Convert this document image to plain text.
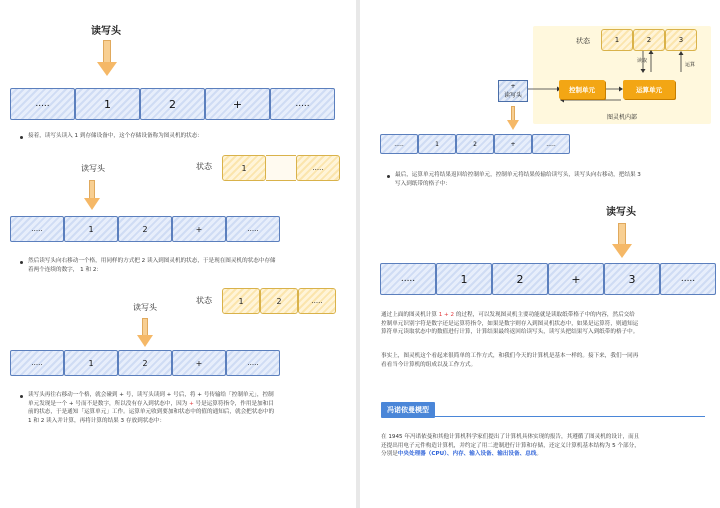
读写头
.....	1	2	+	.....
接着，读写头读入 1 到存储设备中，这个存储设备称为图灵机的状态：
读写头	状态	1	.....
.....	1	2	+	.....
然后读写头向右移动一个格，用同样的方式把 2 读入到图灵机的状态，于是现在图灵机的状态中存储
着两个连续的数字， 1 和 2：
状态	1	2	.....
读写头
.....	1	2	+	.....
读写头再往右移动一个格，就会碰到 + 号，读写头读到 + 号后，将 + 号传输给「控制单元」，控制
单元发现是一个 + 号而不是数字，所以没有存入到状态中，因为 + 号是运算符指令，作用是加和目
前的状态，于是通知「运算单元」工作。运算单元收到要加和状态中的值的通知后，就会把状态中的
1 和 2 读入并计算，再将计算的结果 3 存放到状态中：
状态	1	2	3
读取
运算
控制单元	运算单元
+
读写头
图灵机内部
.....	1	2	+	.....
最后，运算单元将结果返回给控制单元，控制单元将结果传输给读写头，读写头向右移动，把结果 3
写入到纸带的格子中：
读写头
.....	1	2	+	3	.....
通过上面的图灵机计算 1 + 2 的过程，可以发现图灵机主要功能就是读取纸带格子中的内容，然后交给
控制单元识别字符是数字还是运算符指令，如果是数字则存入到图灵机状态中，如果是运算符，则通知运
算符单元读取状态中的数值进行计算，计算结果最终返回给读写头，读写头把结果写入到纸带的格子中。
事实上，图灵机这个看起来很简单的工作方式，和我们今天的计算机是基本一样的。接下来，我们一同再
看看当今计算机的组成以及工作方式。
冯诺依曼模型
在 1945 年冯诺依曼和其他计算机科学家们提出了计算机具体实现的报告，其遵循了图灵机的设计，而且
还提出用电子元件构造计算机，并约定了用二进制进行计算和存储，还定义计算机基本结构为 5 个部分，
分别是中央处理器（CPU）、内存、输入设备、输出设备、总线。
